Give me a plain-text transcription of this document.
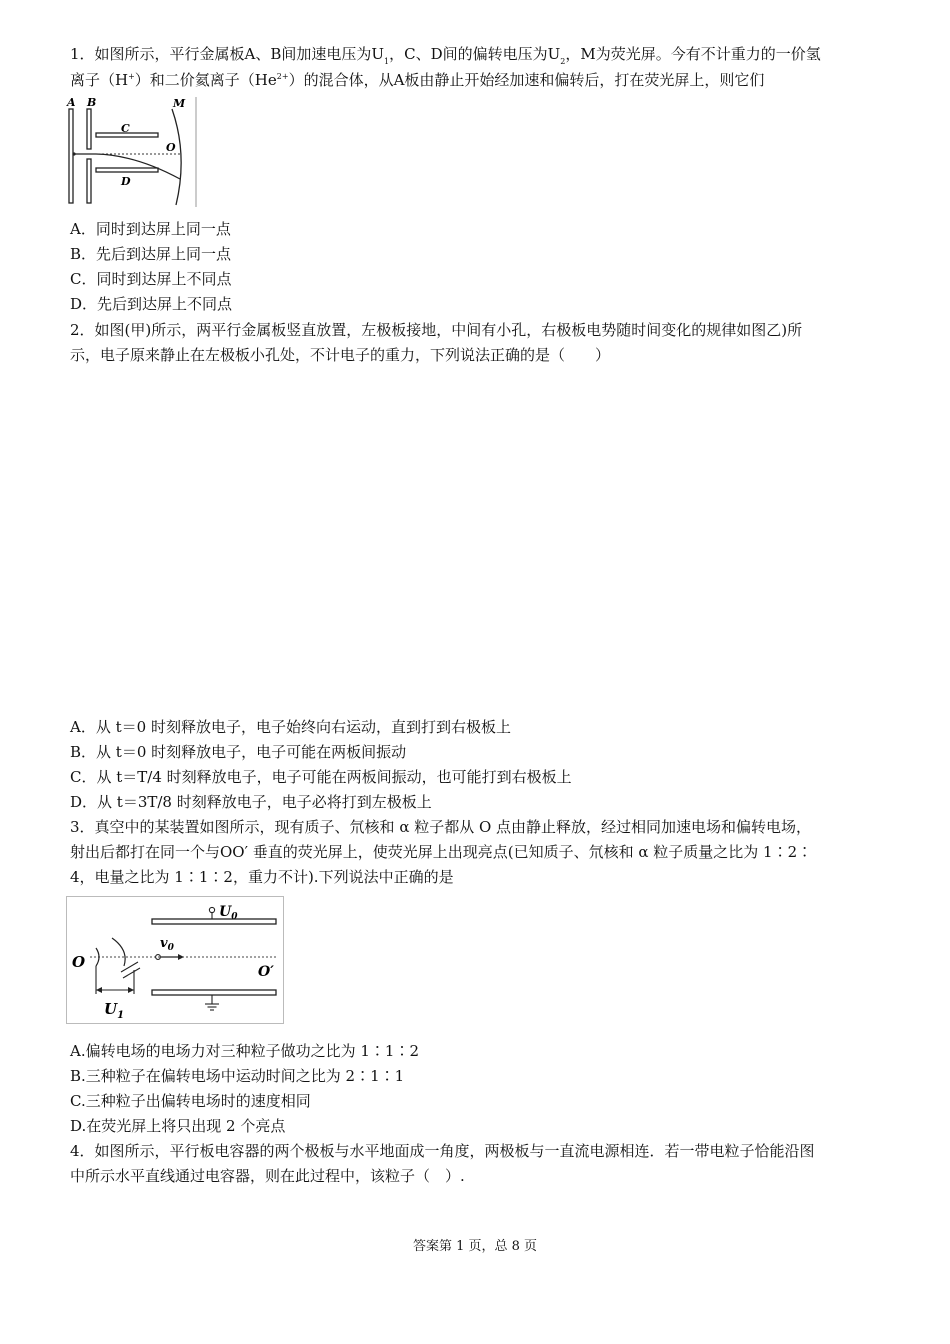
1．如图所示，平行金属板A、B间加速电压为$U_1$，C、D间的偏转电压为$U_2$，M为荧光屏。今有不计重力的一价氢
离子（H+）和二价氦离子$(He^{2+})$的混合体，从A板由静止开始经加速和偏转后，打在荧光屏上，则它们
A B	M
C
D
O
A．同时到达屏上同一点
B．先后到达屏上同一点
C．同时到达屏上不同点
D．先后到达屏上不同点
2．如图(甲)所示，两平行金属板竖直放置，左极板接地，中间有小孔，右极板电势随时间变化的规律如图乙)所
示，电子原来静止在左极板小孔处，不计电子的重力，下列说法正确的是（　　）
A．从 t＝0 时刻释放电子，电子始终向右运动，直到打到右极板上
B．从 t＝0 时刻释放电子，电子可能在两板间振动
C．从 t＝T/4 时刻释放电子，电子可能在两板间振动，也可能打到右极板上
D．从 t＝3T/8 时刻释放电子，电子必将打到左极板上
3．真空中的某装置如图所示，现有质子、氘核和 α 粒子都从 O 点由静止释放，经过相同加速电场和偏转电场，
射出后都打在同一个与OO′ 垂直的荧光屏上，使荧光屏上出现亮点(已知质子、氘核和 α 粒子质量之比为 1∶2∶
4，电量之比为 1∶1∶2，重力不计).下列说法中正确的是
$U_0$
$v_0$
O
O′
$U_1$
A.偏转电场的电场力对三种粒子做功之比为 1∶1∶2
B.三种粒子在偏转电场中运动时间之比为 2∶1∶1
C.三种粒子出偏转电场时的速度相同
D.在荧光屏上将只出现 2 个亮点
4．如图所示，平行板电容器的两个极板与水平地面成一角度，两极板与一直流电源相连．若一带电粒子恰能沿图
中所示水平直线通过电容器，则在此过程中，该粒子（　）.
答案第 1 页，总 8 页
